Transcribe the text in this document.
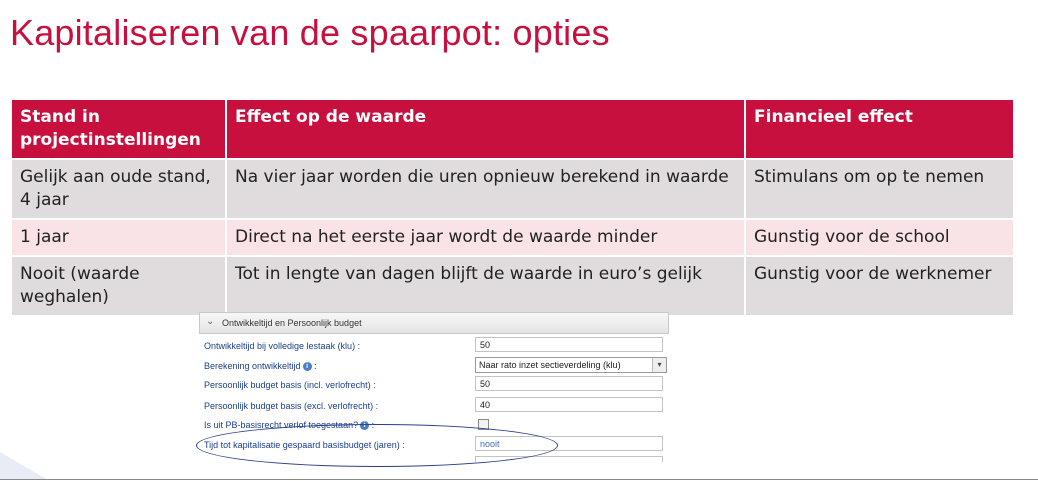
Kapitaliseren van de spaarpot: opties
Stand in projectinstellingen	Effect op de waarde	Financieel effect
Gelijk aan oude stand, 4 jaar	Na vier jaar worden die uren opnieuw berekend in waarde	Stimulans om op te nemen
1 jaar	Direct na het eerste jaar wordt de waarde minder	Gunstig voor de school
Nooit (waarde weghalen)	Tot in lengte van dagen blijft de waarde in euro’s gelijk	Gunstig voor de werknemer
⌄ Ontwikkeltijd en Persoonlijk budget
Ontwikkeltijd bij volledige lestaak (klu) :	50
Berekening ontwikkeltijd i :	Naar rato inzet sectieverdeling (klu)	▾
Persoonlijk budget basis (incl. verlofrecht) :	50
Persoonlijk budget basis (excl. verlofrecht) :	40
Is uit PB-basisrecht verlof toegestaan? i :
Tijd tot kapitalisatie gespaard basisbudget (jaren) :	nooit
